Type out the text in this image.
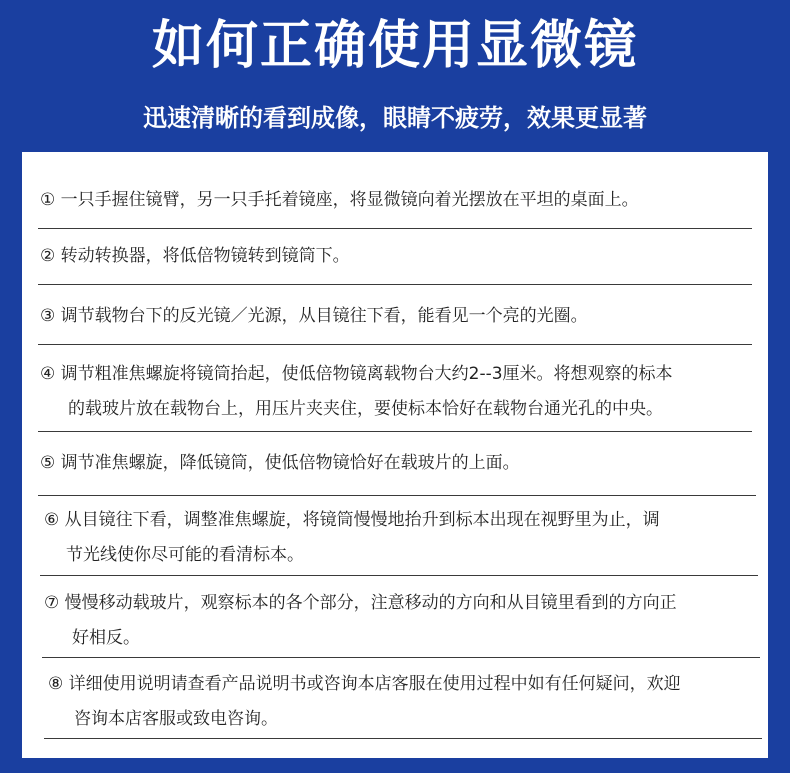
如何正确使用显微镜
迅速清晰的看到成像，眼睛不疲劳，效果更显著
① 一只手握住镜臂，另一只手托着镜座，将显微镜向着光摆放在平坦的桌面上。
② 转动转换器，将低倍物镜转到镜筒下。
③ 调节载物台下的反光镜／光源，从目镜往下看，能看见一个亮的光圈。
④ 调节粗准焦螺旋将镜筒抬起，使低倍物镜离载物台大约2--3厘米。将想观察的标本
的载玻片放在载物台上，用压片夹夹住，要使标本恰好在载物台通光孔的中央。
⑤ 调节准焦螺旋，降低镜筒，使低倍物镜恰好在载玻片的上面。
⑥ 从目镜往下看，调整准焦螺旋，将镜筒慢慢地抬升到标本出现在视野里为止，调
节光线使你尽可能的看清标本。
⑦ 慢慢移动载玻片，观察标本的各个部分，注意移动的方向和从目镜里看到的方向正
好相反。
⑧ 详细使用说明请查看产品说明书或咨询本店客服在使用过程中如有任何疑问，欢迎
咨询本店客服或致电咨询。
